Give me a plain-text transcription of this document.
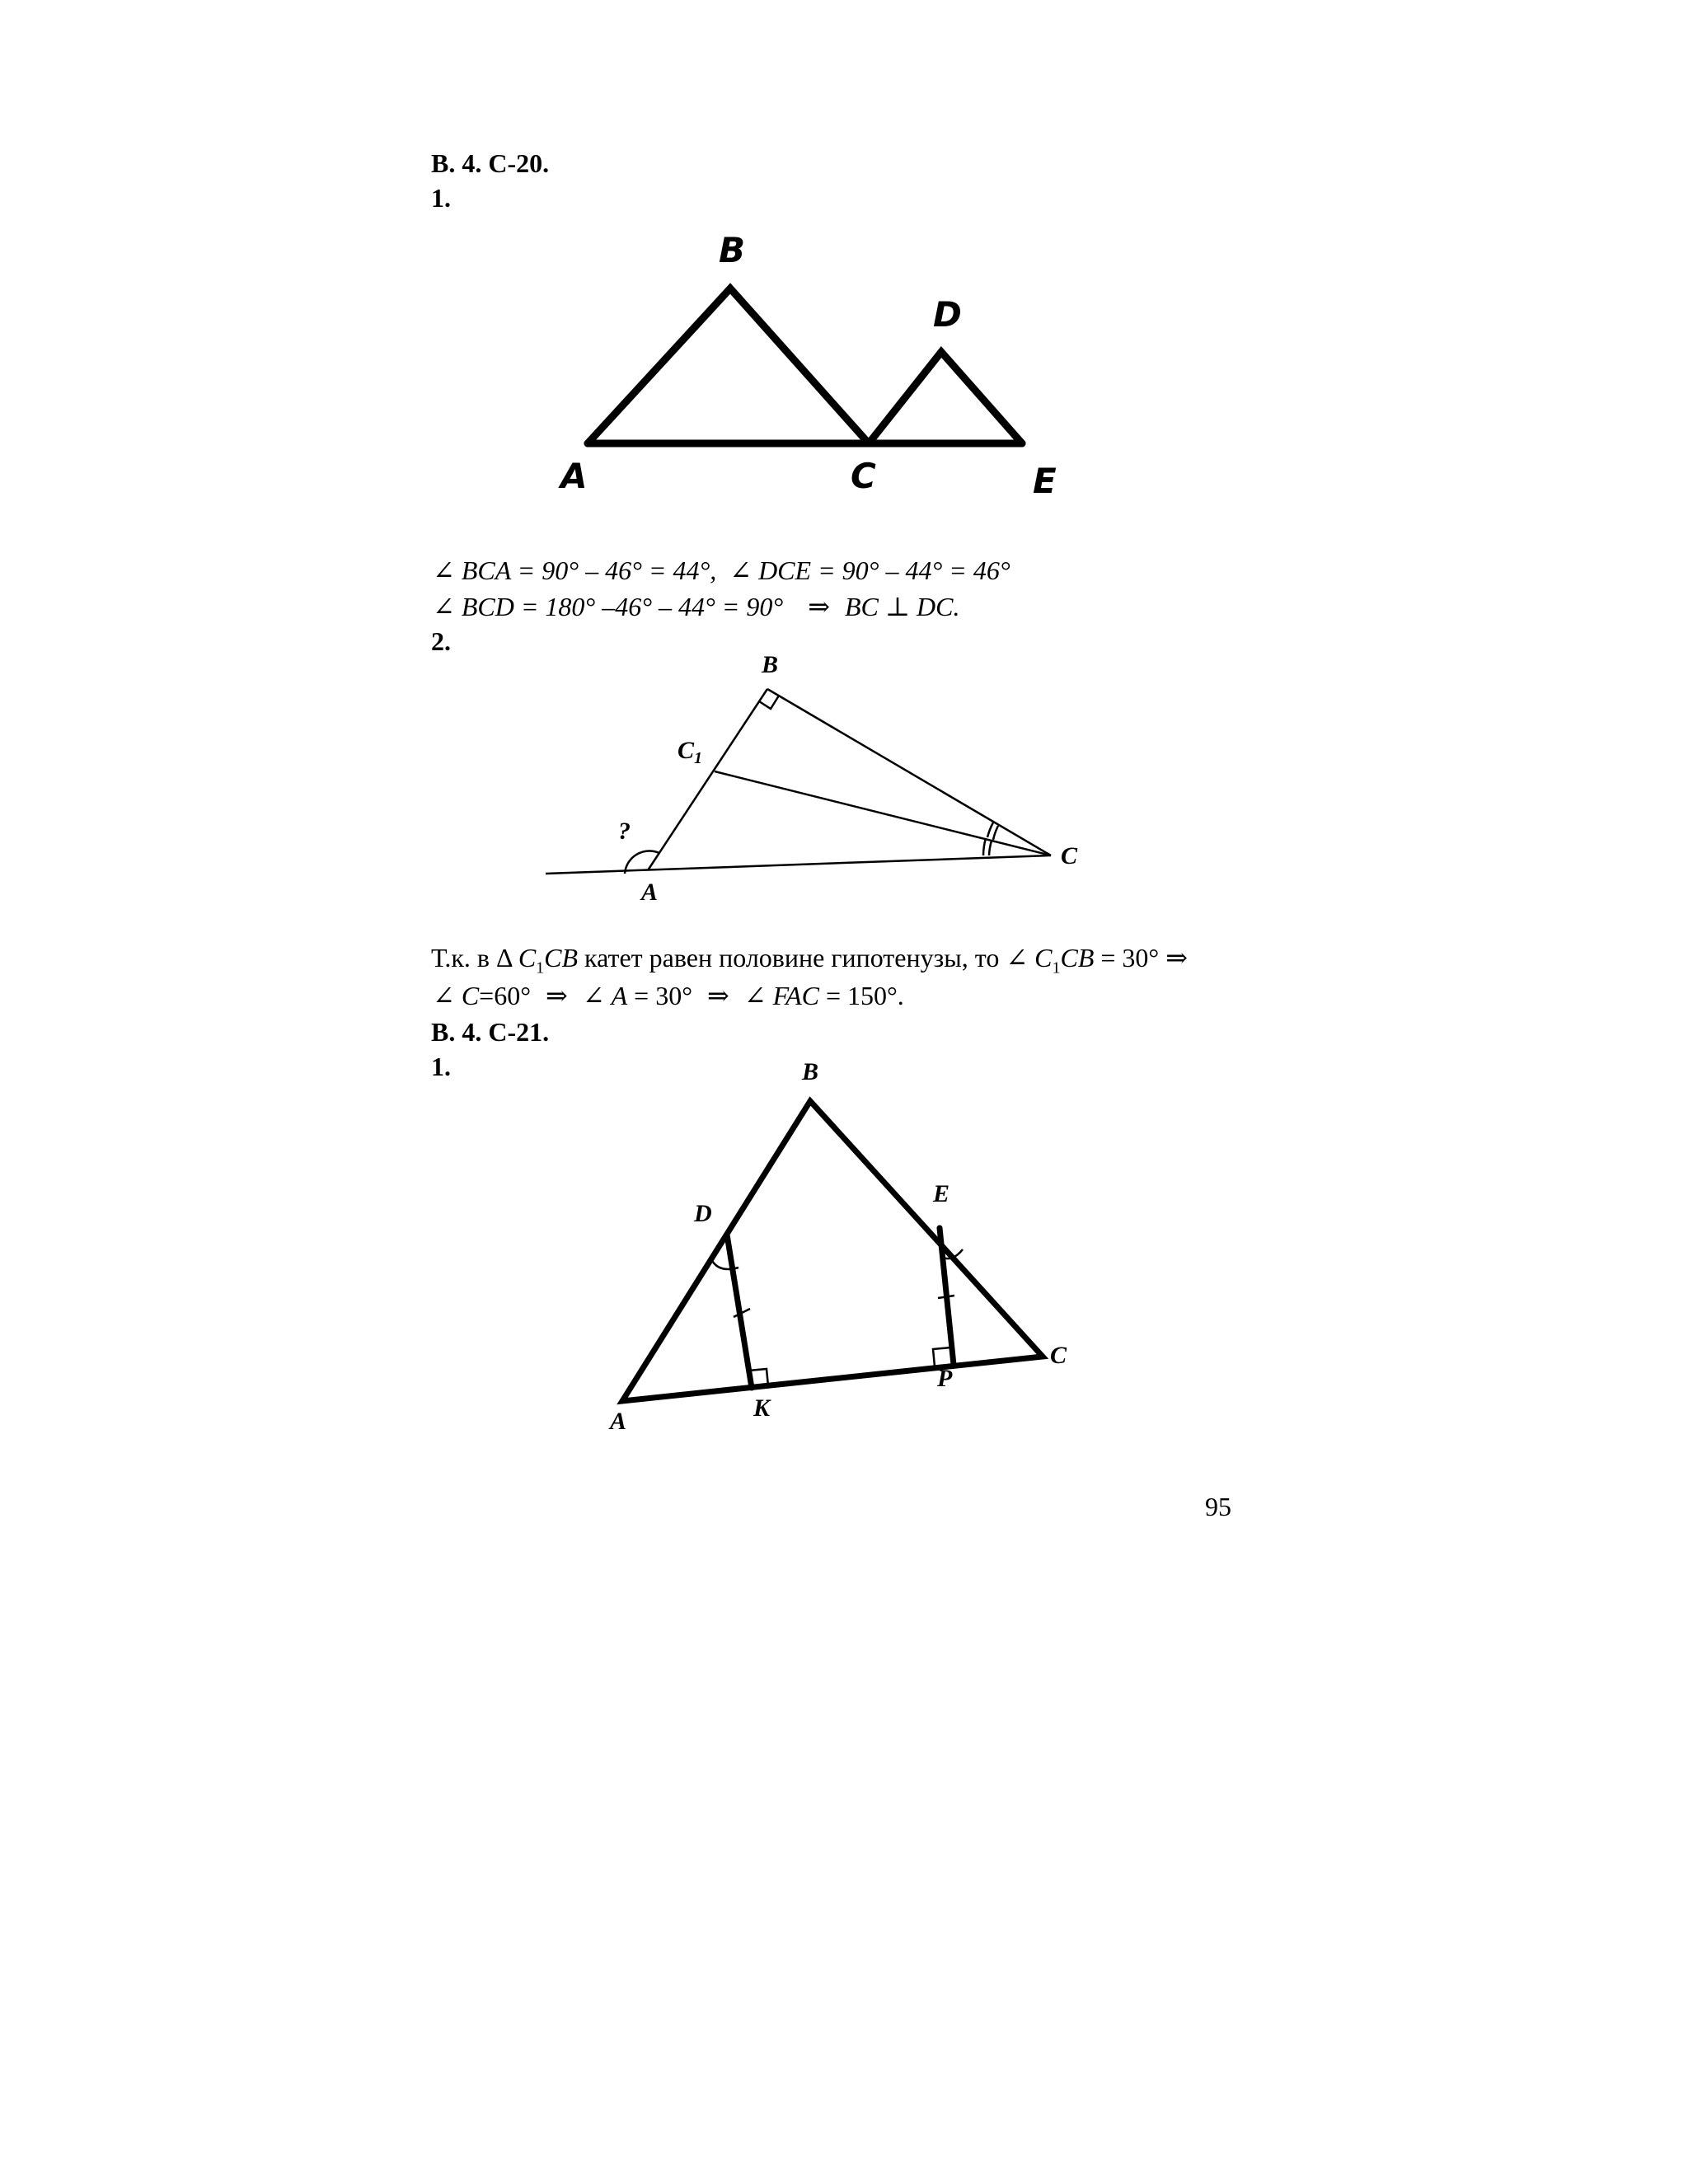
В. 4. С-20.
1.
B
D
A	C	E
∠ BCA = 90° – 46° = 44°,  ∠ DCE = 90° – 44° = 46°
∠ BCD = 180° –46° – 44° = 90° ⇒ BC ⊥ DC.
2.
B
$C_1$
C
A
?
Т.к. в Δ $C_1CB$ катет равен половине гипотенузы, то ∠ $C_1CB = 30^\circ$ ⇒
∠ C=60° ⇒ ∠ A = 30° ⇒ ∠ FAC = 150°.
В. 4. С-21.
1.	B
D
E
C
P
A	K
95
